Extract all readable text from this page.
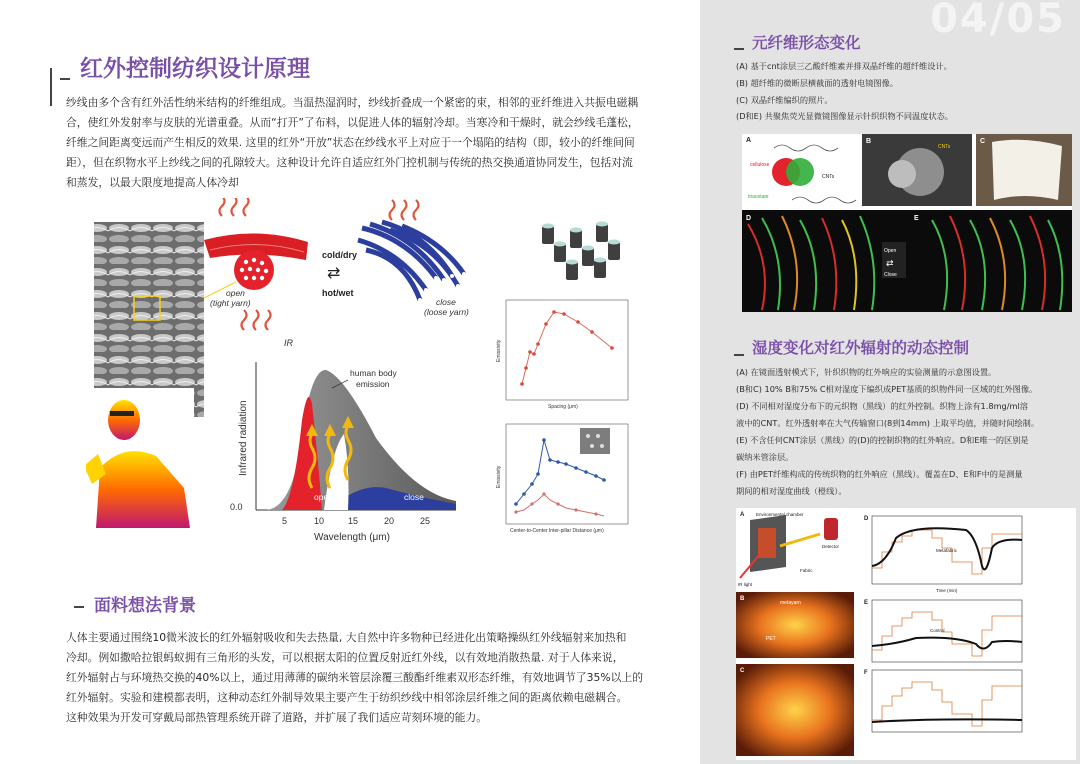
红外控制纺织设计原理

纱线由多个含有红外活性纳米结构的纤维组成。当温热湿润时，纱线折叠成一个紧密的束，相邻的亚纤维进入共振电磁耦

合，使红外发射率与皮肤的光谱重叠。从而“打开”了布料，以促进人体的辐射冷却。当寒冷和干燥时，就会纱线毛蓬松，

纤维之间距离变远而产生相反的效果. 这里的红外“开放”状态在纱线水平上对应于一个塌陷的结构（即，较小的纤维间间

距），但在织物水平上纱线之间的孔隙较大。这种设计允许自适应红外门控机制与传统的热交换通道协同发生，包括对流

和蒸发，以最大限度地提高人体冷却

open
(tight yarn)
IR
cold/dry
⇄
hot/wet
close
(loose yarn)
human body
emission
open	close
0.0
Infrared radiation
5	10	15	20	25
Wavelength (μm)
Emissivity
Spacing (μm)
Emissivity
Center-to-Center Inter-pillar Distance (μm)
面料想法背景

人体主要通过围绕10微米波长的红外辐射吸收和失去热量, 大自然中许多物种已经进化出策略操纵红外线辐射来加热和

冷却。例如撒哈拉银蚂蚁拥有三角形的头发，可以根据太阳的位置反射近红外线，以有效地消散热量. 对于人体来说，

红外辐射占与环境热交换的40%以上，通过用薄薄的碳纳米管层涂覆三酸酯纤维素双形态纤维，有效地调节了35%以上的

红外辐射。实验和建模都表明，这种动态红外制导效果主要产生于纺织纱线中相邻涂层纤维之间的距离依赖电磁耦合。

这种效果为开发可穿戴局部热管理系统开辟了道路，并扩展了我们适应苛刻环境的能力。

04/05
元纤维形态变化

(A) 基于cnt涂层三乙酸纤维素并排双晶纤维的超纤维设计。

(B) 超纤维的微断层横截面的透射电镜图像。

(C) 双晶纤维编织的照片。

(D和E) 共聚焦荧光显微镜图像显示针织织物不同温度状态。

A
cellulose
triacetate
CNTs
B
CNTs
C
D	E
Open
⇄
Close
湿度变化对红外辐射的动态控制

(A) 在镜面透射模式下，针织织物的红外响应的实验测量的示意图设置。

(B和C) 10% B和75% C相对湿度下编织成PET基质的织物件同一区域的红外图像。

(D) 不同相对湿度分布下的元织物（黑线）的红外控制。织物上涂有1.8mg/ml溶

液中的CNT。红外透射率在大气传输窗口(8到14mm) 上取平均值，并随时间绘制。

(E) 不含任何CNT涂层（黑线）的(D)的控制织物的红外响应。D和E唯一的区别是

碳纳米管涂层。

(F) 由PET纤维构成的传统织物的红外响应（黑线）。覆盖在D、E和F中的是测量

期间的相对湿度曲线（橙线）。

A	Environmental chamber
IR light
Detector
Fabric
B
metayarn
PET
C
D
Metafabric
Time (min)
E
Control
F
